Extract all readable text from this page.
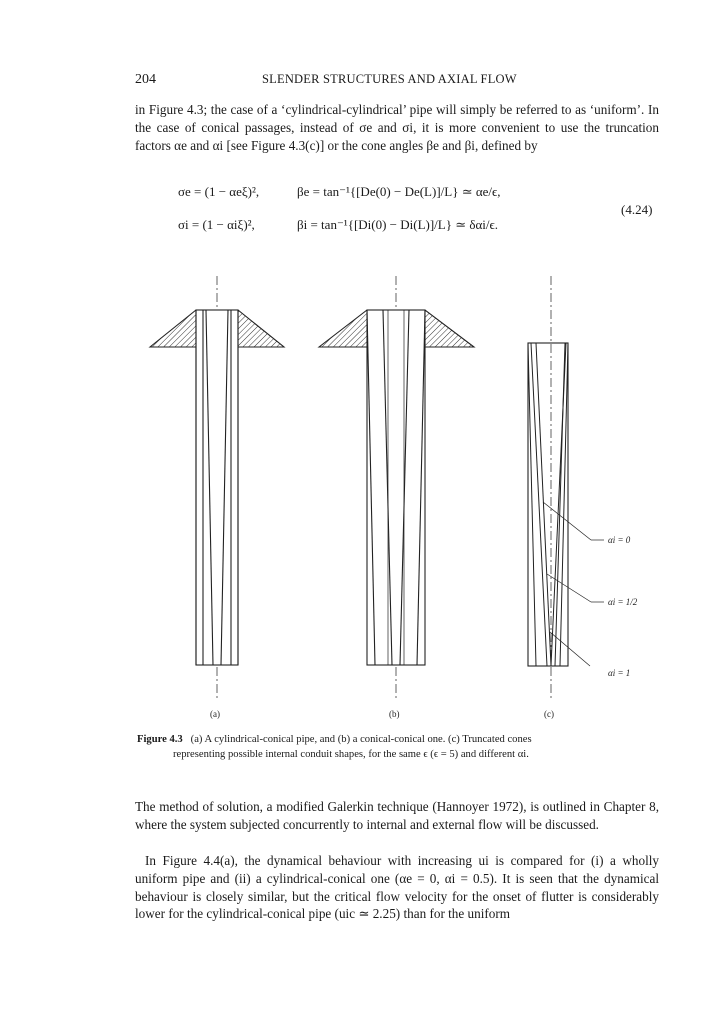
204	SLENDER STRUCTURES AND AXIAL FLOW
in Figure 4.3; the case of a ‘cylindrical-cylindrical’ pipe will simply be referred to as ‘uniform’. In the case of conical passages, instead of σe and σi, it is more convenient to use the truncation factors αe and αi [see Figure 4.3(c)] or the cone angles βe and βi, defined by
σe = (1 − αeξ)²,	βe = tan⁻¹{[De(0) − De(L)]/L} ≃ αe/ϵ,
σi = (1 − αiξ)²,	βi = tan⁻¹{[Di(0) − Di(L)]/L} ≃ δαi/ϵ.
(4.24)
(a)	(b)	(c)
αi = 0
αi = 1/2
αi = 1
Figure 4.3 (a) A cylindrical-conical pipe, and (b) a conical-conical one. (c) Truncated cones
representing possible internal conduit shapes, for the same ϵ (ϵ = 5) and different αi.
The method of solution, a modified Galerkin technique (Hannoyer 1972), is outlined in Chapter 8, where the system subjected concurrently to internal and external flow will be discussed.
In Figure 4.4(a), the dynamical behaviour with increasing ui is compared for (i) a wholly uniform pipe and (ii) a cylindrical-conical one (αe = 0, αi = 0.5). It is seen that the dynamical behaviour is closely similar, but the critical flow velocity for the onset of flutter is considerably lower for the cylindrical-conical pipe (uic ≃ 2.25) than for the uniform
